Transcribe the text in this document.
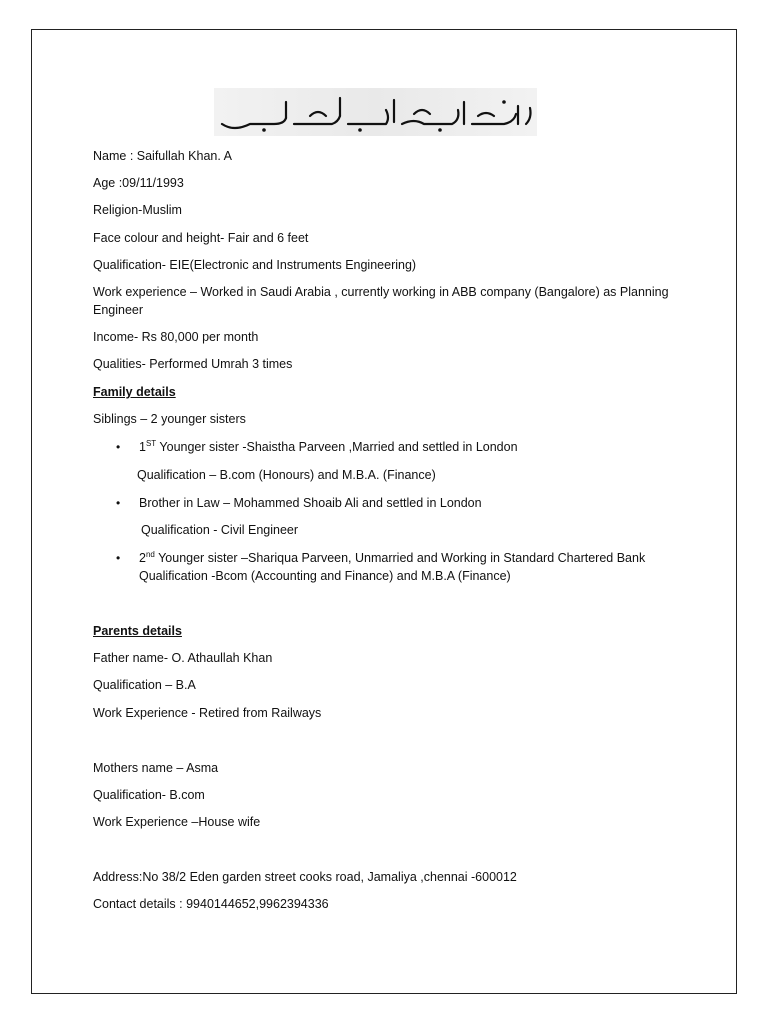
Name : Saifullah Khan. A
Age :09/11/1993
Religion-Muslim
Face colour and height- Fair and 6 feet
Qualification- EIE(Electronic and Instruments Engineering)
Work experience – Worked in Saudi Arabia , currently working in ABB company (Bangalore) as Planning Engineer
Income- Rs 80,000 per month
Qualities- Performed Umrah 3 times
Family details
Siblings – 2 younger sisters
• 1ST Younger sister -Shaistha Parveen ,Married and settled in London
Qualification – B.com (Honours) and M.B.A. (Finance)
• Brother in Law – Mohammed Shoaib Ali and settled in London
Qualification - Civil Engineer
• 2nd Younger sister –Shariqua Parveen, Unmarried and Working in Standard Chartered Bank
Qualification -Bcom (Accounting and Finance) and M.B.A (Finance)
Parents details
Father name- O. Athaullah Khan
Qualification – B.A
Work Experience - Retired from Railways
Mothers name – Asma
Qualification- B.com
Work Experience –House wife
Address:No 38/2 Eden garden street cooks road, Jamaliya ,chennai -600012
Contact details : 9940144652,9962394336
